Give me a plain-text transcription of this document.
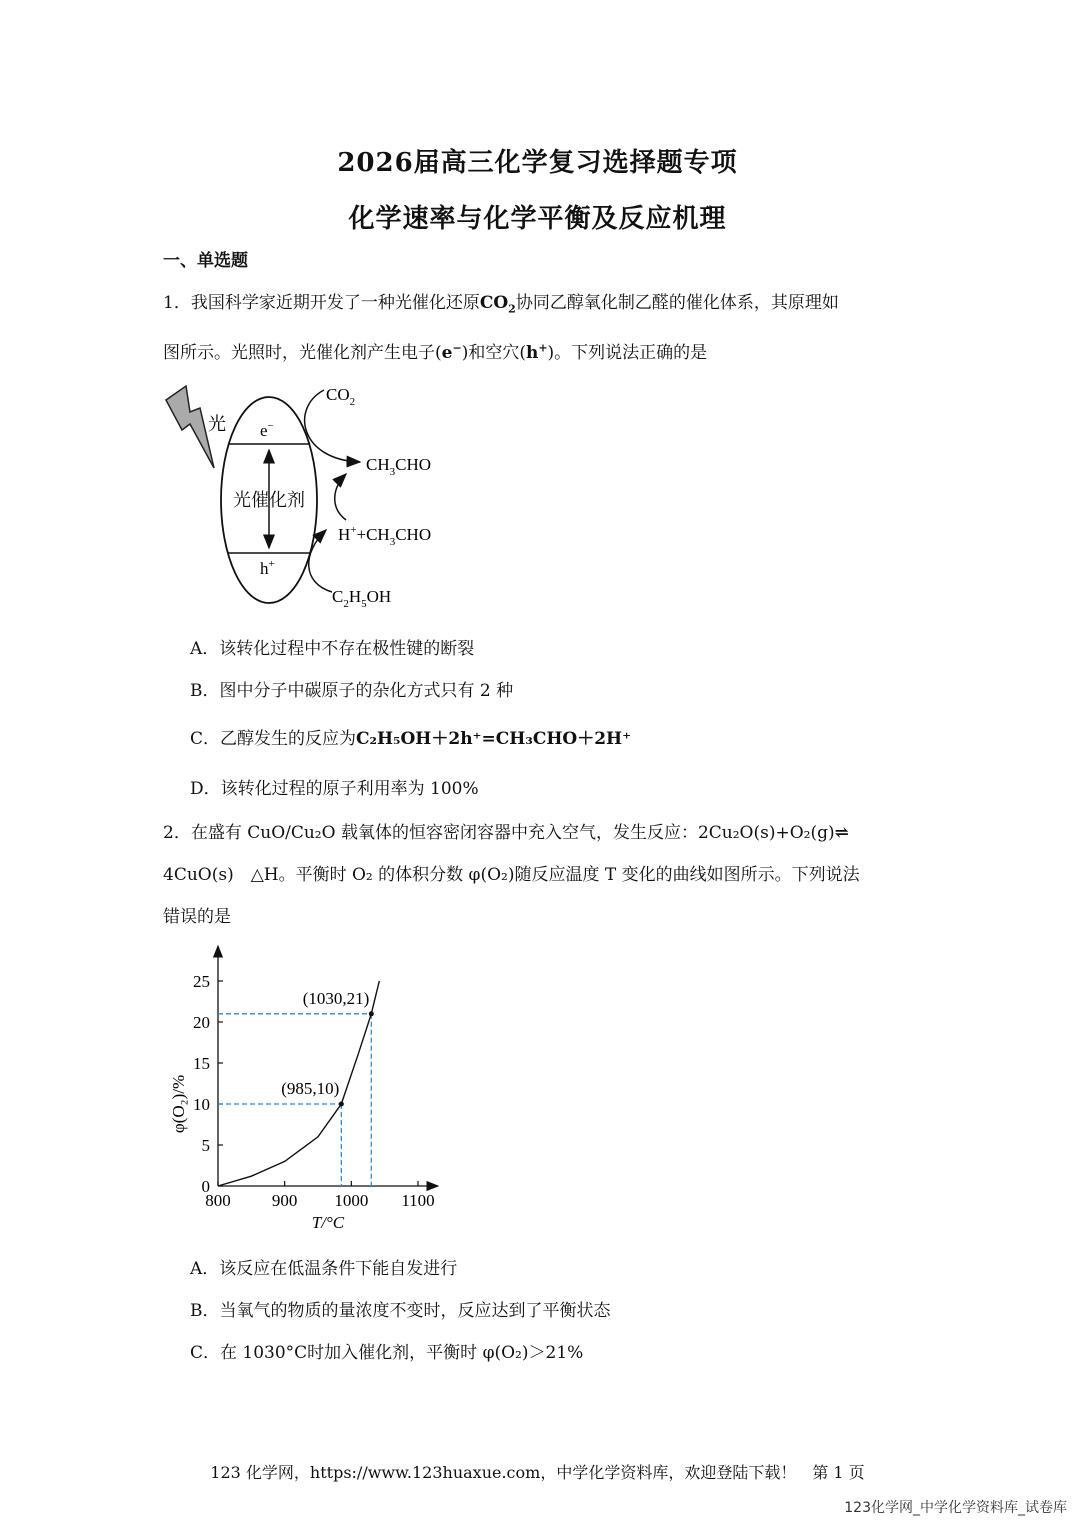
2026届高三化学复习选择题专项
化学速率与化学平衡及反应机理
一、单选题
1．我国科学家近期开发了一种光催化还原$CO_2$协同乙醇氧化制乙醛的催化体系，其原理如
图所示。光照时，光催化剂产生电子(e−)和空穴(h+)。下列说法正确的是
光 e−
h+
光催化剂
$CO_2$
$CH_3CHO$
$H^++CH_3CHO$
$C_2H_5OH$
A．该转化过程中不存在极性键的断裂
B．图中分子中碳原子的杂化方式只有 2 种
C．乙醇发生的反应为C₂H₅OH＋2h⁺=CH₃CHO＋2H⁺
D．该转化过程的原子利用率为 100%
2．在盛有 CuO/Cu₂O 载氧体的恒容密闭容器中充入空气，发生反应：2Cu₂O(s)+O₂(g)⇌
4CuO(s)　△H。平衡时 O₂ 的体积分数 φ(O₂)随反应温度 T 变化的曲线如图所示。下列说法
错误的是
800 900 1000 1100
0
5
10
15
20
25
T/°C
φ(O₂)/%	(985,10)
(1030,21)
A．该反应在低温条件下能自发进行
B．当氧气的物质的量浓度不变时，反应达到了平衡状态
C．在 1030°C时加入催化剂，平衡时 φ(O₂)＞21%
123 化学网，https://www.123huaxue.com，中学化学资料库，欢迎登陆下载！　第 1 页
123化学网_中学化学资料库_试卷库
